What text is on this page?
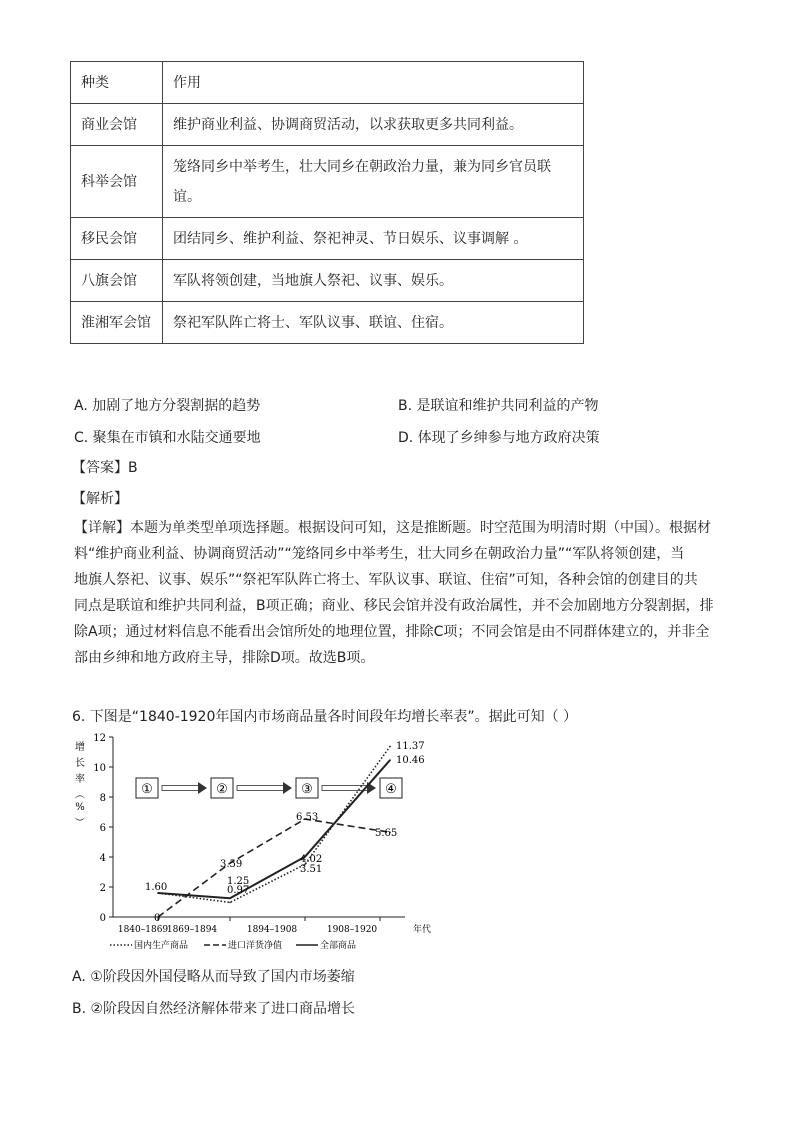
种类	作用
商业会馆	维护商业利益、协调商贸活动，以求获取更多共同利益。
科举会馆	笼络同乡中举考生，壮大同乡在朝政治力量，兼为同乡官员联谊。
移民会馆	团结同乡、维护利益、祭祀神灵、节日娱乐、议事调解 。
八旗会馆	军队将领创建，当地旗人祭祀、议事、娱乐。
淮湘军会馆	祭祀军队阵亡将士、军队议事、联谊、住宿。
A. 加剧了地方分裂割据的趋势	B. 是联谊和维护共同利益的产物
C. 聚集在市镇和水陆交通要地	D. 体现了乡绅参与地方政府决策
【答案】B
【解析】
【详解】本题为单类型单项选择题。根据设问可知，这是推断题。时空范围为明清时期（中国）。根据材
料“维护商业利益、协调商贸活动”“笼络同乡中举考生，壮大同乡在朝政治力量”“军队将领创建，当
地旗人祭祀、议事、娱乐”“祭祀军队阵亡将士、军队议事、联谊、住宿”可知，各种会馆的创建目的共
同点是联谊和维护共同利益，B项正确；商业、移民会馆并没有政治属性，并不会加剧地方分裂割据，排
除A项；通过材料信息不能看出会馆所处的地理位置，排除C项；不同会馆是由不同群体建立的，并非全
部由乡绅和地方政府主导，排除D项。故选B项。
6. 下图是“1840-1920年国内市场商品量各时间段年均增长率表”。据此可知（ ）
0
2
4
6
8
10
12
1840–1869
1869–1894	1894–1908	1908–1920	年代
增
长
率
（
%
）
①	②	③	④
1.60
0
3.59
1.25
0.97
6.53
5.65
4.02
3.51
11.37
10.46
国内生产商品	进口洋货净值	全部商品
A. ①阶段因外国侵略从而导致了国内市场萎缩
B. ②阶段因自然经济解体带来了进口商品增长
